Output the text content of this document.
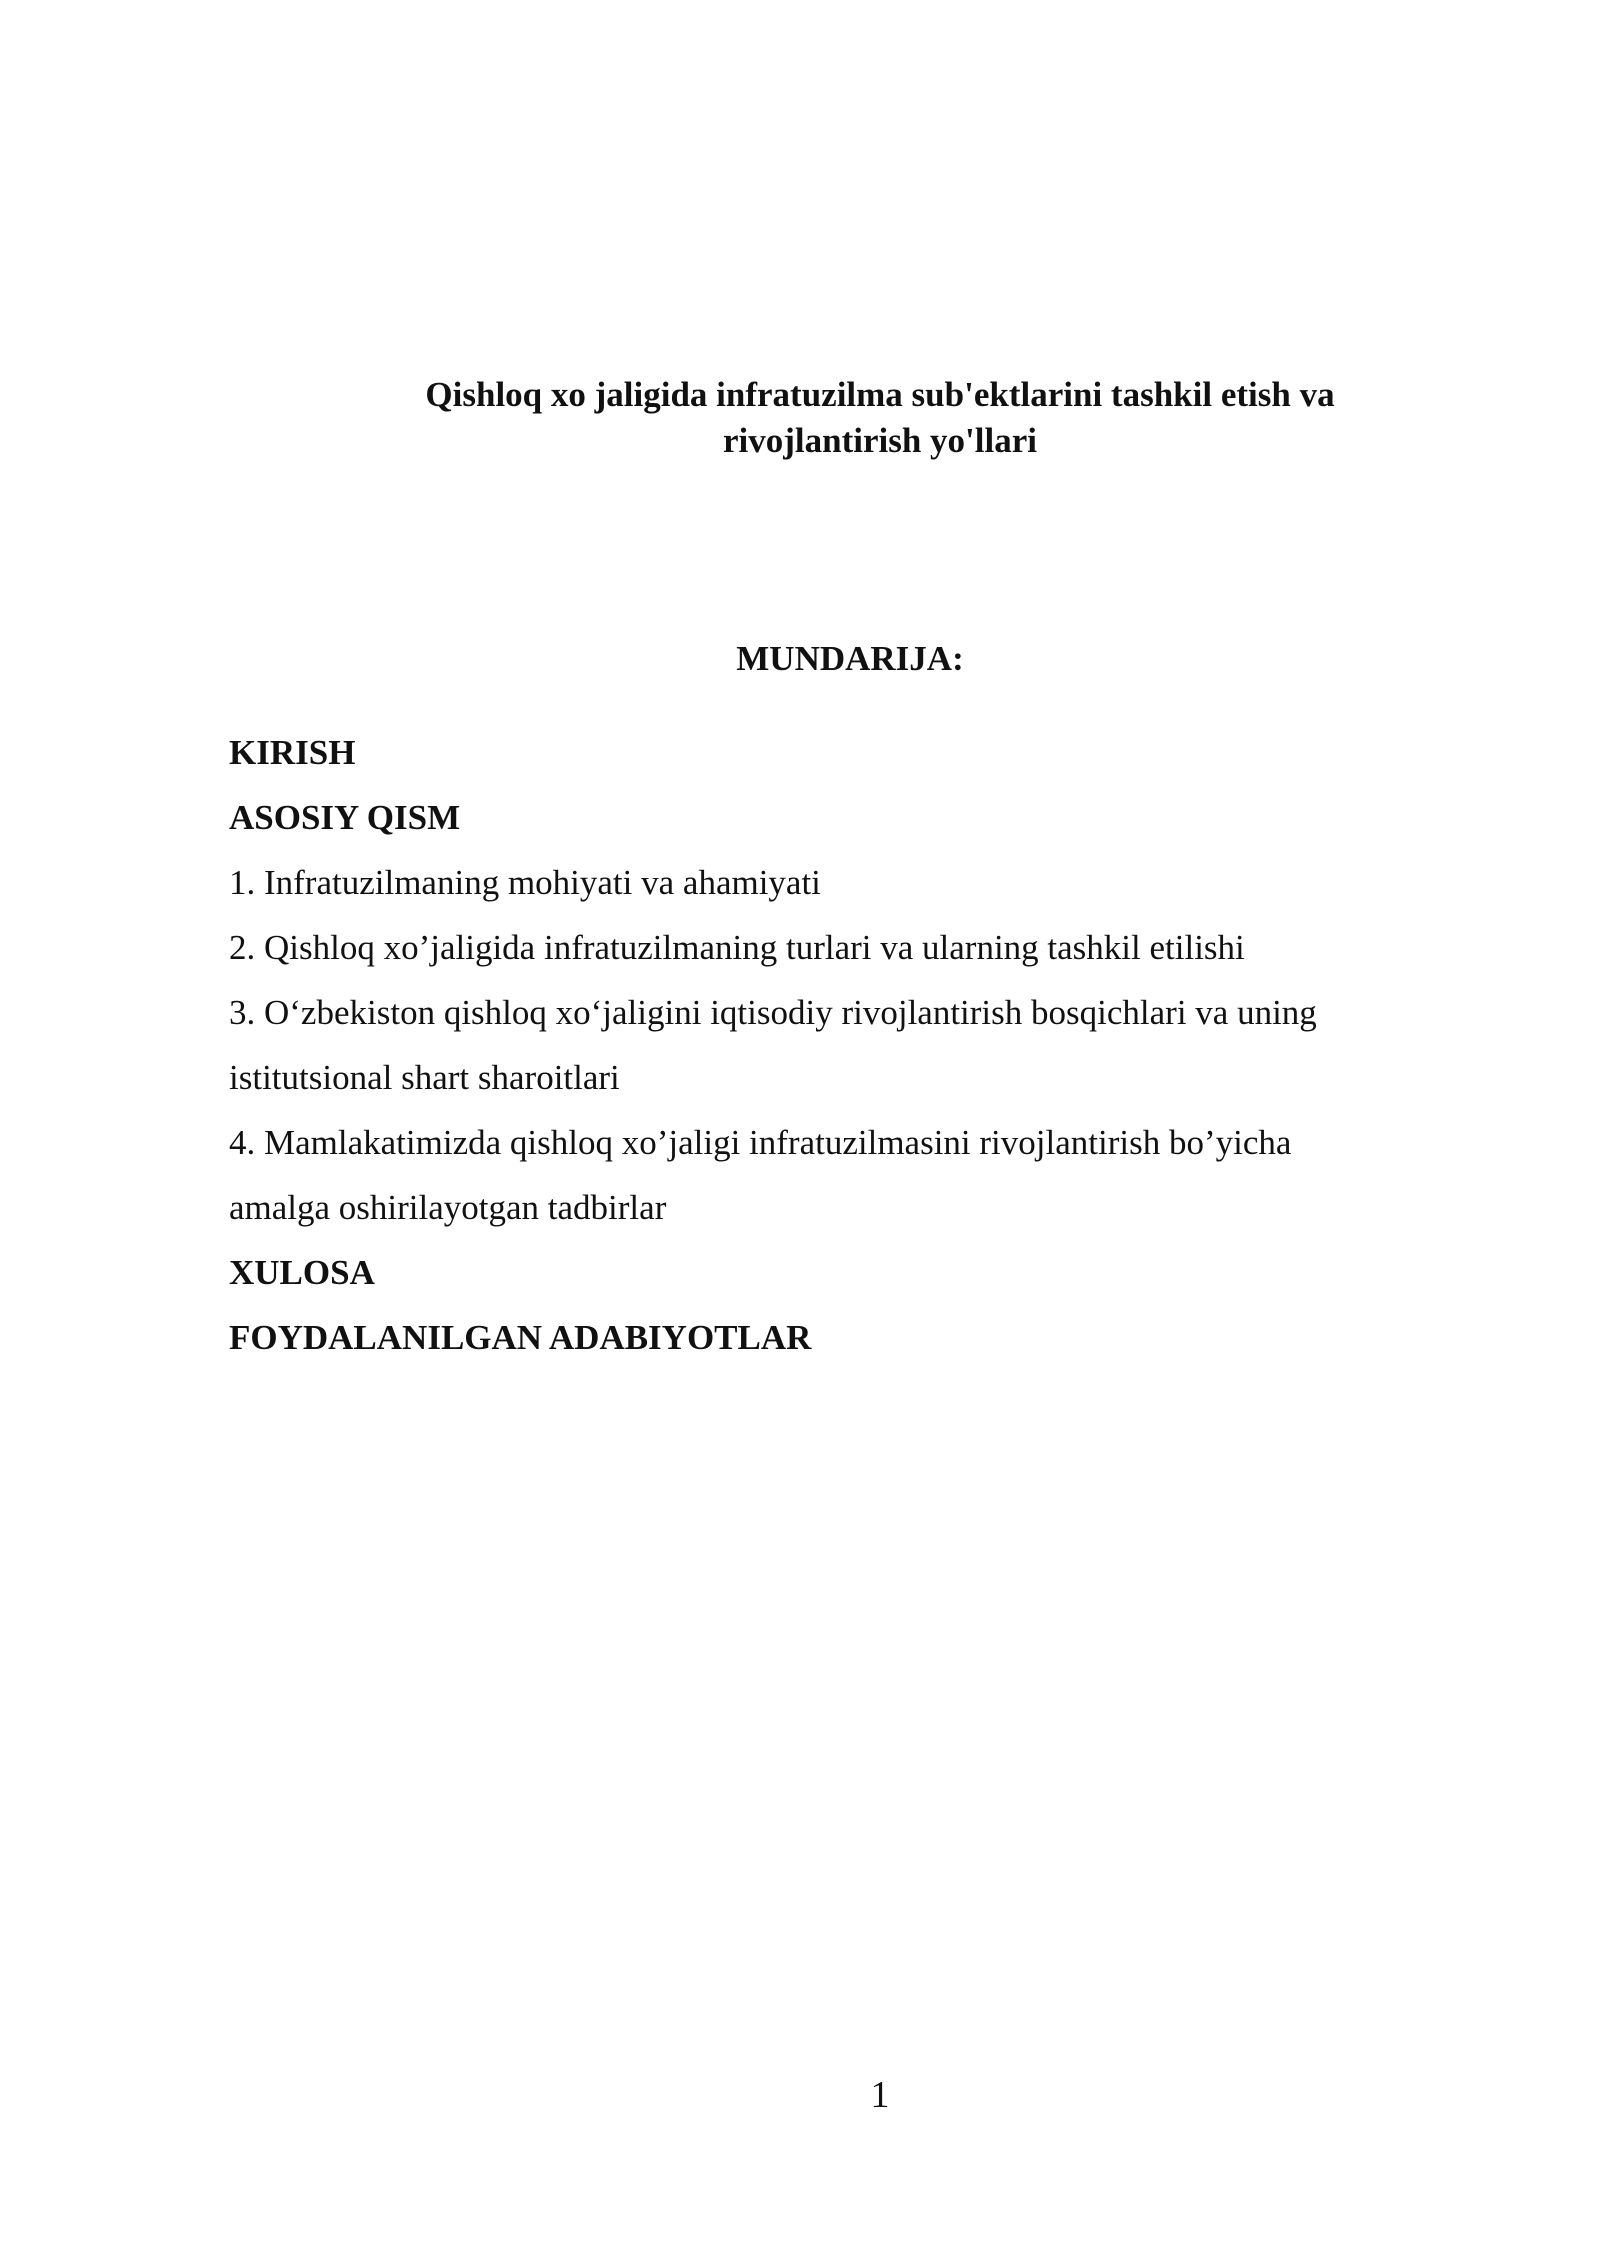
Qishloq xo jaligida infratuzilma sub'ektlarini tashkil etish va
rivojlantirish yo'llari
MUNDARIJA:
KIRISH
ASOSIY QISM
1. Infratuzilmaning mohiyati va ahamiyati
2. Qishloq xo’jaligida infratuzilmaning turlari va ularning tashkil etilishi
3. O‘zbekiston qishloq xo‘jaligini iqtisodiy rivojlantirish bosqichlari va uning
istitutsional shart sharoitlari
4. Mamlakatimizda qishloq xo’jaligi infratuzilmasini rivojlantirish bo’yicha
amalga oshirilayotgan tadbirlar
XULOSA
FOYDALANILGAN ADABIYOTLAR
1
